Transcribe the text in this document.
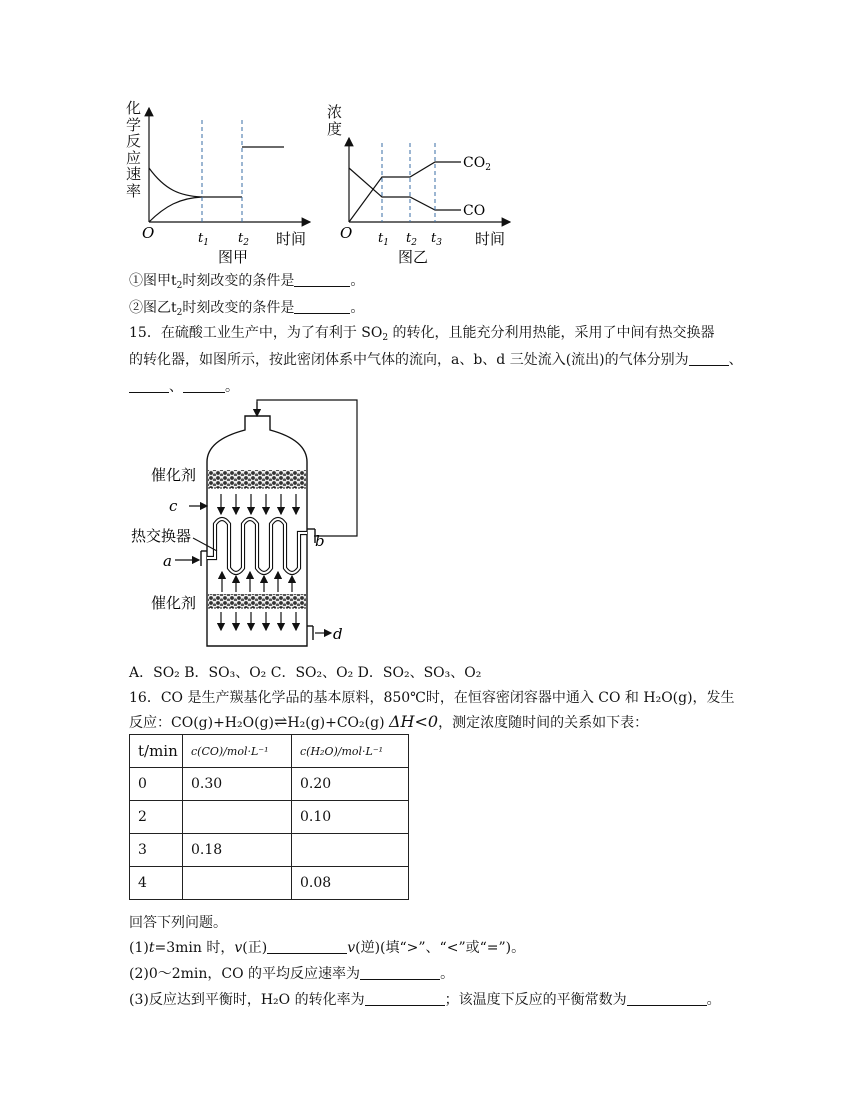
O	$t_1$ $t_2$ 时间
图甲
化学反应速率
$CO_2$
CO
O $t_1$ $t_2$ $t_3$ 时间
图乙
浓度
①图甲$t_2$时刻改变的条件是	。
②图乙$t_2$时刻改变的条件是	。
15．在硫酸工业生产中，为了有利于 $SO_2$ 的转化，且能充分利用热能，采用了中间有热交换器
的转化器，如图所示，按此密闭体系中气体的流向，a、b、d 三处流入(流出)的气体分别为	、
、	。
催化剂
c
热交换器
a
b
催化剂
d
A．SO₂ B．SO₃、O₂ C．SO₂、O₂ D．SO₂、SO₃、O₂
16．CO 是生产羰基化学品的基本原料，850℃时，在恒容密闭容器中通入 CO 和 H₂O(g)，发生
反应：CO(g)+H₂O(g)⇌H₂(g)+CO₂(g) ΔH<0，测定浓度随时间的关系如下表：
t/min	c(CO)/mol·L⁻¹	c(H₂O)/mol·L⁻¹
0	0.30	0.20
2		0.10
3	0.18	
4		0.08
回答下列问题。
(1)t=3min 时，v(正)	v(逆)(填“>”、“<”或“=”)。
(2)0～2min，CO 的平均反应速率为	。
(3)反应达到平衡时，H₂O 的转化率为	；该温度下反应的平衡常数为	。
